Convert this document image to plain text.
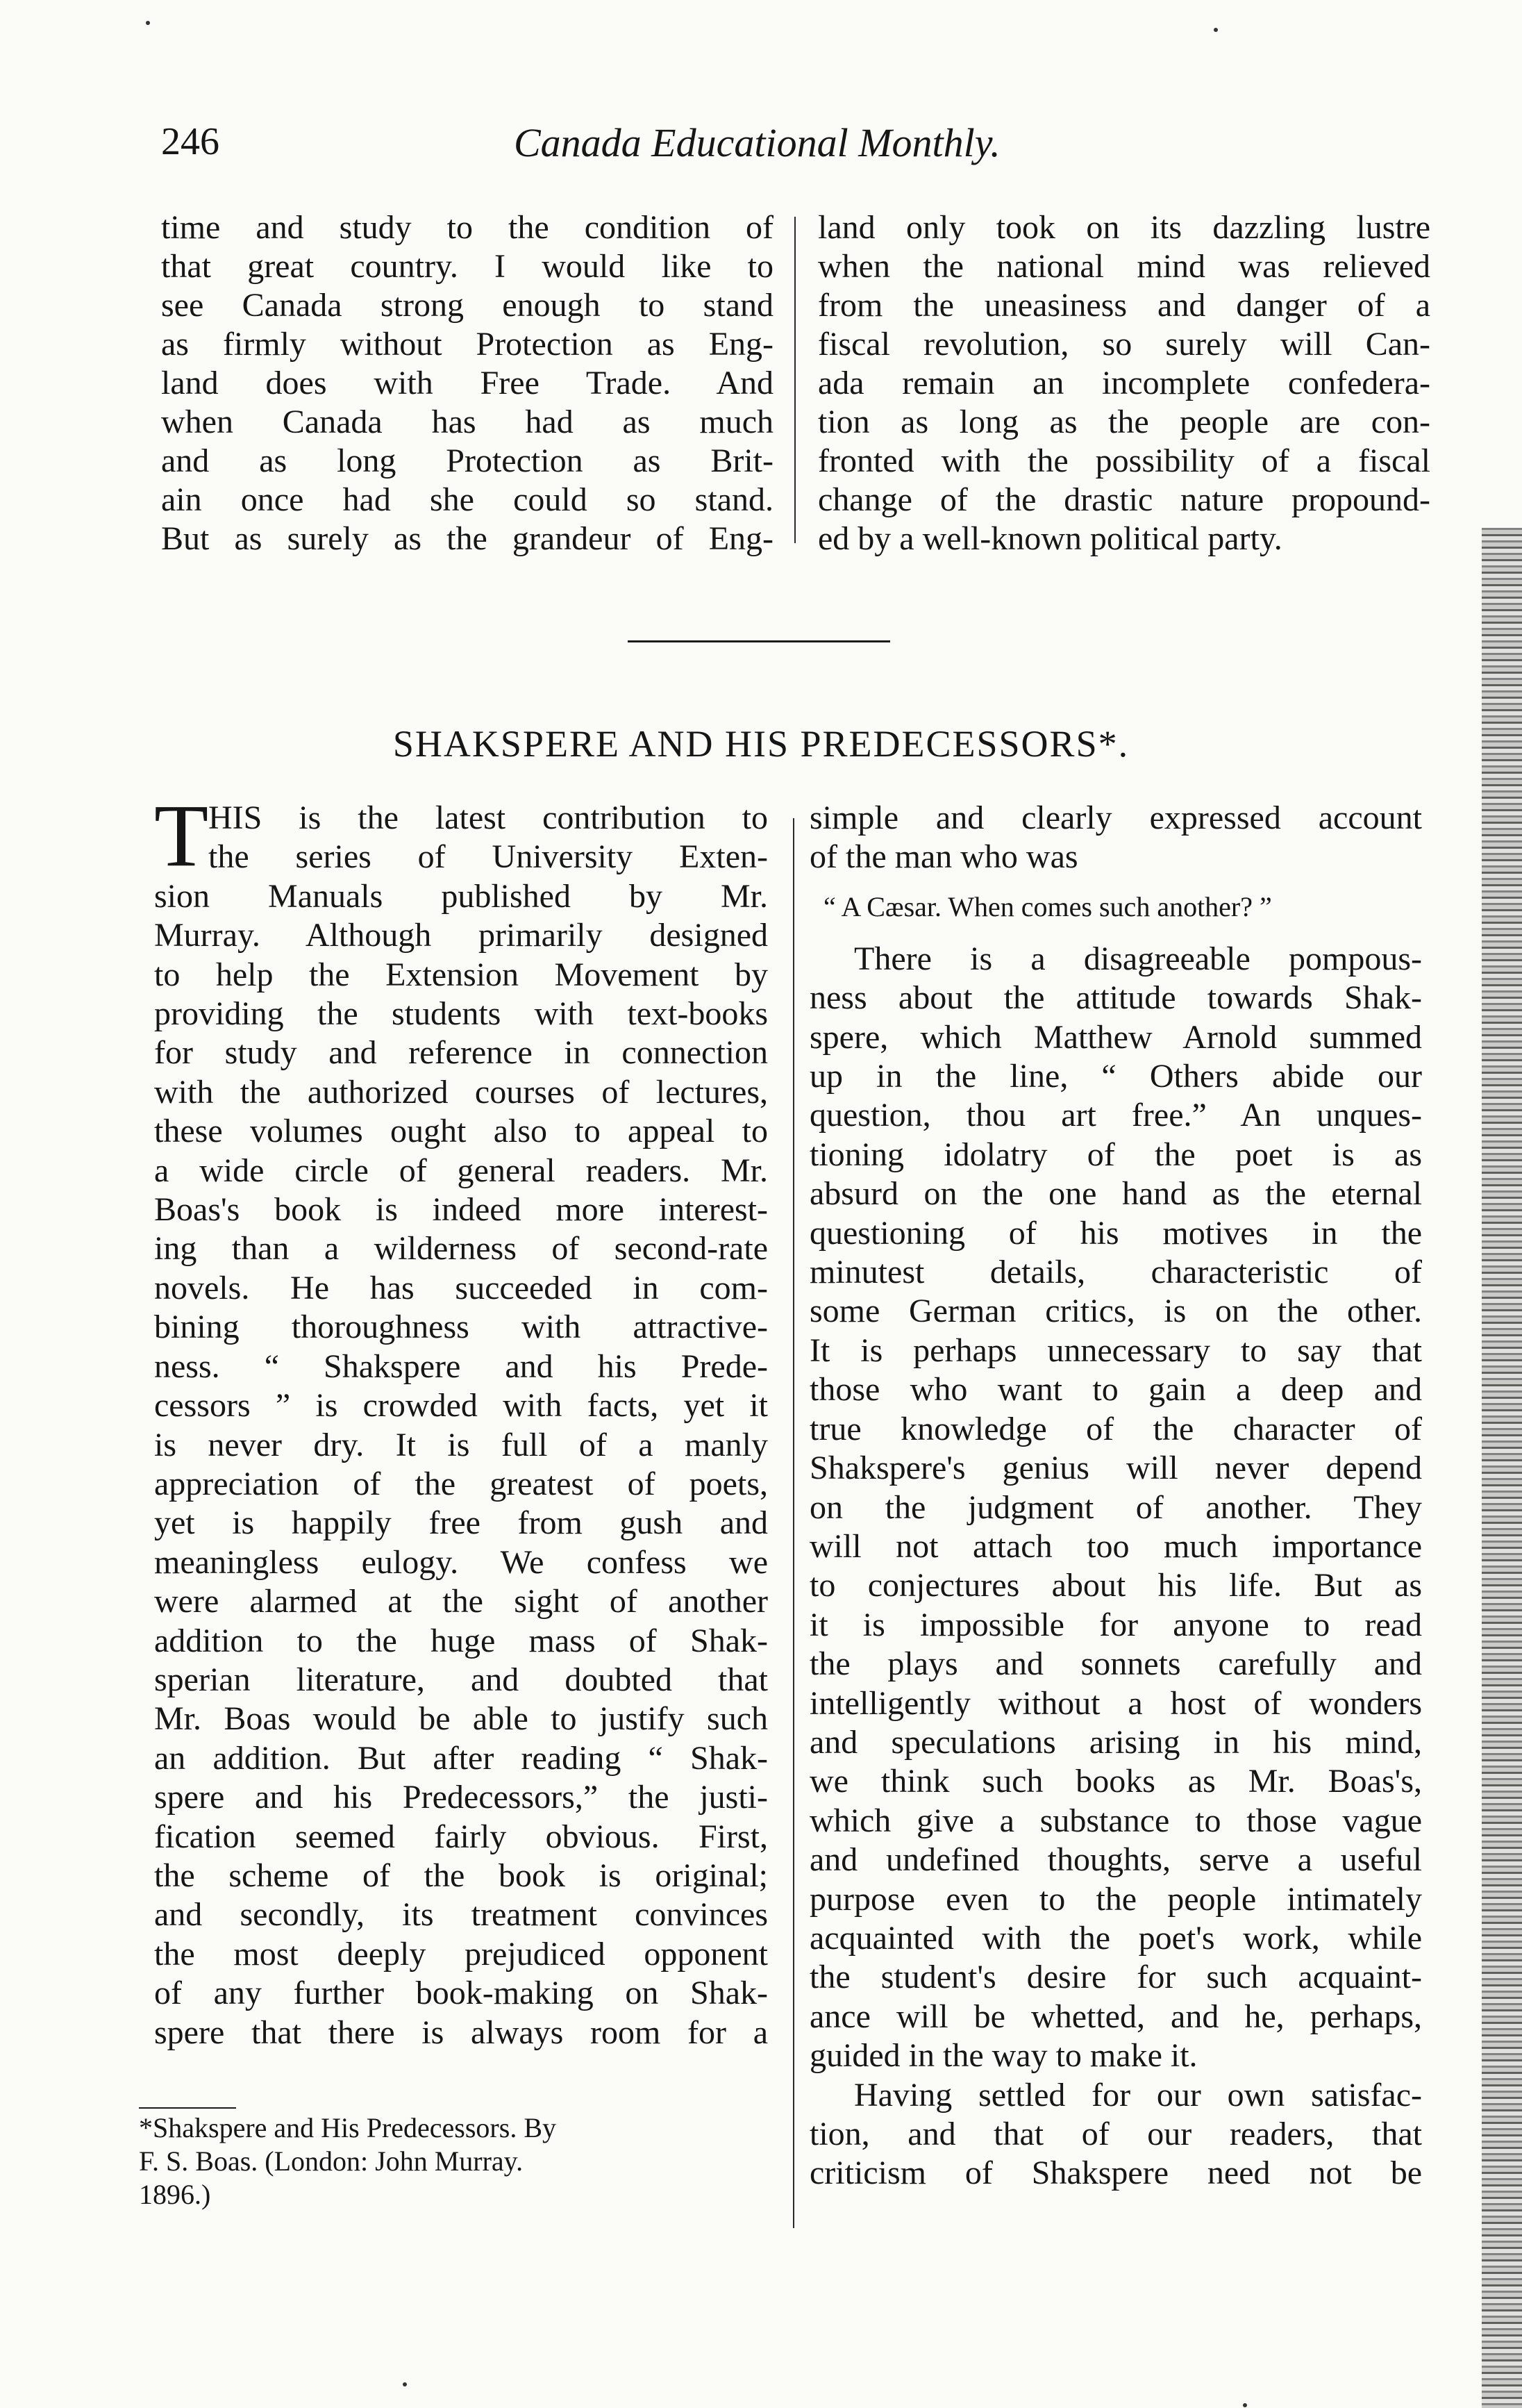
246	Canada Educational Monthly.
time and study to the condition of
that great country. I would like to
see Canada strong enough to stand
as firmly without Protection as Eng-
land does with Free Trade. And
when Canada has had as much
and as long Protection as Brit-
ain once had she could so stand.
But as surely as the grandeur of Eng-
land only took on its dazzling lustre
when the national mind was relieved
from the uneasiness and danger of a
fiscal revolution, so surely will Can-
ada remain an incomplete confedera-
tion as long as the people are con-
fronted with the possibility of a fiscal
change of the drastic nature propound-
ed by a well-known political party.
SHAKSPERE AND HIS PREDECESSORS*.
T HIS is the latest contribution to
the series of University Exten-
sion Manuals published by Mr.
Murray. Although primarily designed
to help the Extension Movement by
providing the students with text-books
for study and reference in connection
with the authorized courses of lectures,
these volumes ought also to appeal to
a wide circle of general readers. Mr.
Boas's book is indeed more interest-
ing than a wilderness of second-rate
novels. He has succeeded in com-
bining thoroughness with attractive-
ness. “ Shakspere and his Prede-
cessors ” is crowded with facts, yet it
is never dry. It is full of a manly
appreciation of the greatest of poets,
yet is happily free from gush and
meaningless eulogy. We confess we
were alarmed at the sight of another
addition to the huge mass of Shak-
sperian literature, and doubted that
Mr. Boas would be able to justify such
an addition. But after reading “ Shak-
spere and his Predecessors,” the justi-
fication seemed fairly obvious. First,
the scheme of the book is original;
and secondly, its treatment convinces
the most deeply prejudiced opponent
of any further book-making on Shak-
spere that there is always room for a
simple and clearly expressed account
of the man who was
“ A Cæsar. When comes such another? ”
There is a disagreeable pompous-
ness about the attitude towards Shak-
spere, which Matthew Arnold summed
up in the line, “ Others abide our
question, thou art free.” An unques-
tioning idolatry of the poet is as
absurd on the one hand as the eternal
questioning of his motives in the
minutest details, characteristic of
some German critics, is on the other.
It is perhaps unnecessary to say that
those who want to gain a deep and
true knowledge of the character of
Shakspere's genius will never depend
on the judgment of another. They
will not attach too much importance
to conjectures about his life. But as
it is impossible for anyone to read
the plays and sonnets carefully and
intelligently without a host of wonders
and speculations arising in his mind,
we think such books as Mr. Boas's,
which give a substance to those vague
and undefined thoughts, serve a useful
purpose even to the people intimately
acquainted with the poet's work, while
the student's desire for such acquaint-
ance will be whetted, and he, perhaps,
guided in the way to make it.
Having settled for our own satisfac-
tion, and that of our readers, that
criticism of Shakspere need not be
*Shakspere and His Predecessors. By
F. S. Boas. (London: John Murray.
1896.)
